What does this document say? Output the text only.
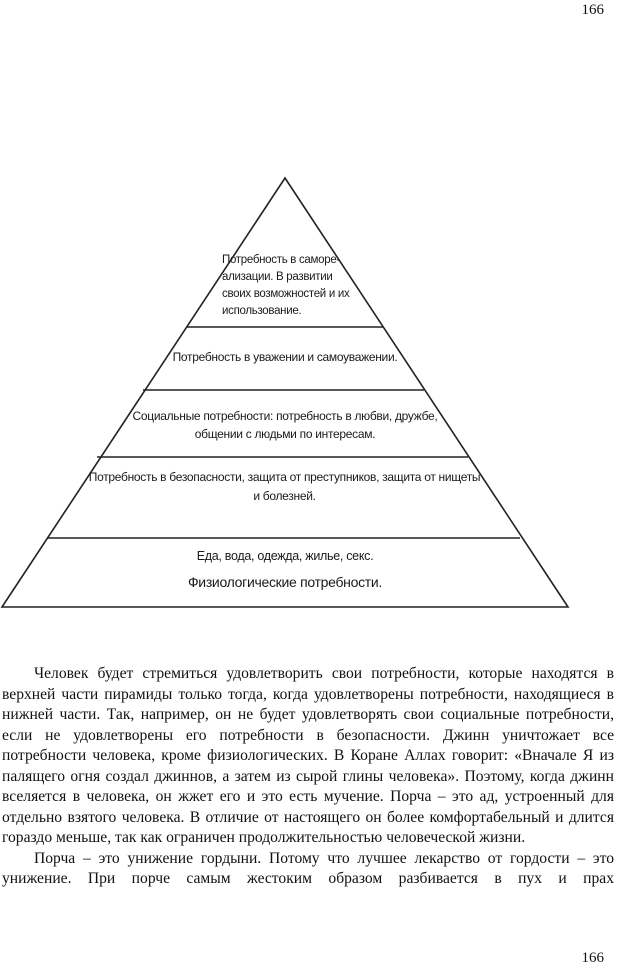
166
Потребность в саморе-
ализации. В развитии
своих возможностей и их
использование.
Потребность в уважении и самоуважении.
Социальные потребности: потребность в любви, дружбе,
общении с людьми по интересам.
Потребность в безопасности, защита от преступников, защита от нищеты
и болезней.
Еда, вода, одежда, жилье, секс.
Физиологические потребности.

Человек будет стремиться удовлетворить свои потребности, которые находятся в верхней части пирамиды только тогда, когда удовлетворены потребности, находящиеся в нижней части. Так, например, он не будет удовлетворять свои социальные потребности, если не удовлетворены его потребности в безопасности. Джинн уничтожает все потребности человека, кроме физиологических. В Коране Аллах говорит: «Вначале Я из палящего огня создал джиннов, а затем из сырой глины человека». Поэтому, когда джинн вселяется в человека, он жжет его и это есть мучение. Порча – это ад, устроенный для отдельно взятого человека. В отличие от настоящего он более комфортабельный и длится гораздо меньше, так как ограничен продолжительностью человеческой жизни.

Порча – это унижение гордыни. Потому что лучшее лекарство от гордости – это унижение. При порче самым жестоким образом разбивается в пух и прах

166
